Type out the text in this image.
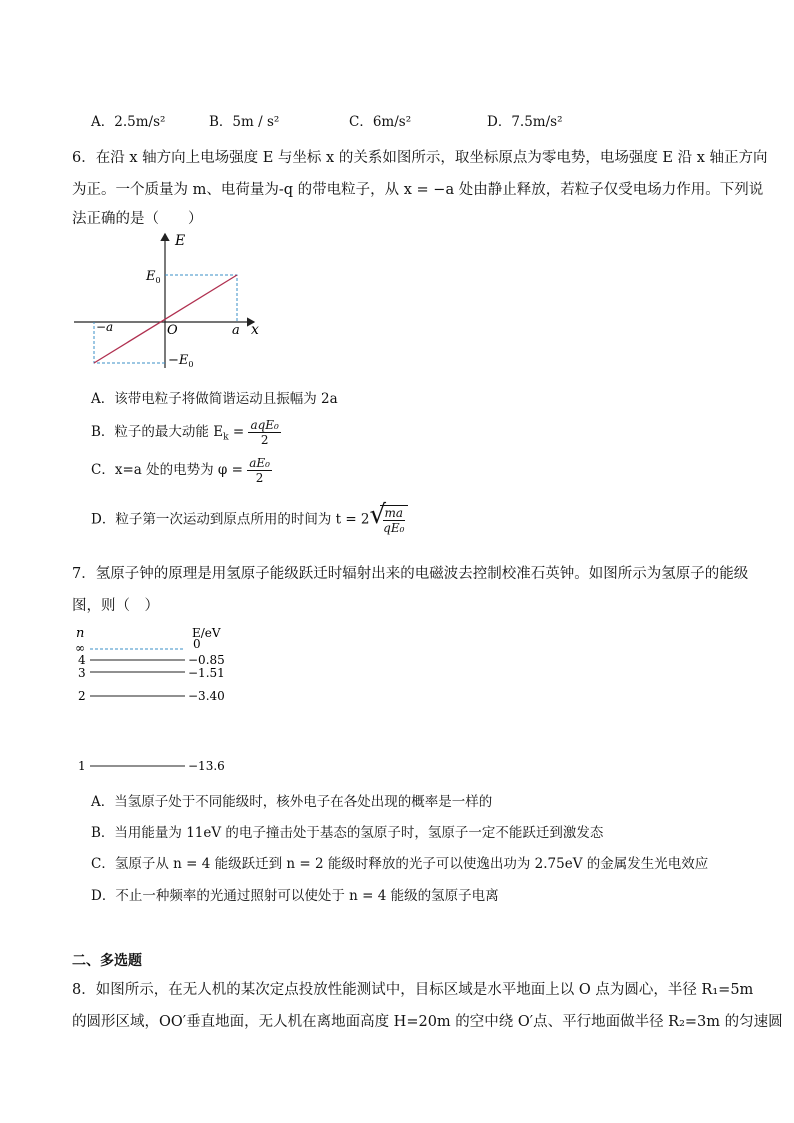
A．2.5m/s²	B．5m / s²	C．6m/s²	D．7.5m/s²
6．在沿 x 轴方向上电场强度 E 与坐标 x 的关系如图所示，取坐标原点为零电势，电场强度 E 沿 x 轴正方向
为正。一个质量为 m、电荷量为-q 的带电粒子，从 x = −a 处由静止释放，若粒子仅受电场力作用。下列说
法正确的是（　　）
E
x
O
$E_0$
$-E_0$
a
−a
A．该带电粒子将做简谐运动且振幅为 2a
B．粒子的最大动能 $E_k = \frac{\text{aqE₀}}{2}$
C．x=a 处的电势为 $\varphi = \frac{\text{aE₀}}{2}$
D．粒子第一次运动到原点所用的时间为 t = 2 √
$\frac{ma}{\text{qE₀}}$
7．氢原子钟的原理是用氢原子能级跃迁时辐射出来的电磁波去控制校准石英钟。如图所示为氢原子的能级
图，则（　）
n	E/eV
∞	0
4	−0.85
3	−1.51
2	−3.40
1	−13.6
A．当氢原子处于不同能级时，核外电子在各处出现的概率是一样的
B．当用能量为 11eV 的电子撞击处于基态的氢原子时，氢原子一定不能跃迁到激发态
C．氢原子从 n = 4 能级跃迁到 n = 2 能级时释放的光子可以使逸出功为 2.75eV 的金属发生光电效应
D．不止一种频率的光通过照射可以使处于 n = 4 能级的氢原子电离
二、多选题
8．如图所示，在无人机的某次定点投放性能测试中，目标区域是水平地面上以 O 点为圆心，半径 R₁=5m
的圆形区域，OO′垂直地面，无人机在离地面高度 H=20m 的空中绕 O′点、平行地面做半径 R₂=3m 的匀速圆
